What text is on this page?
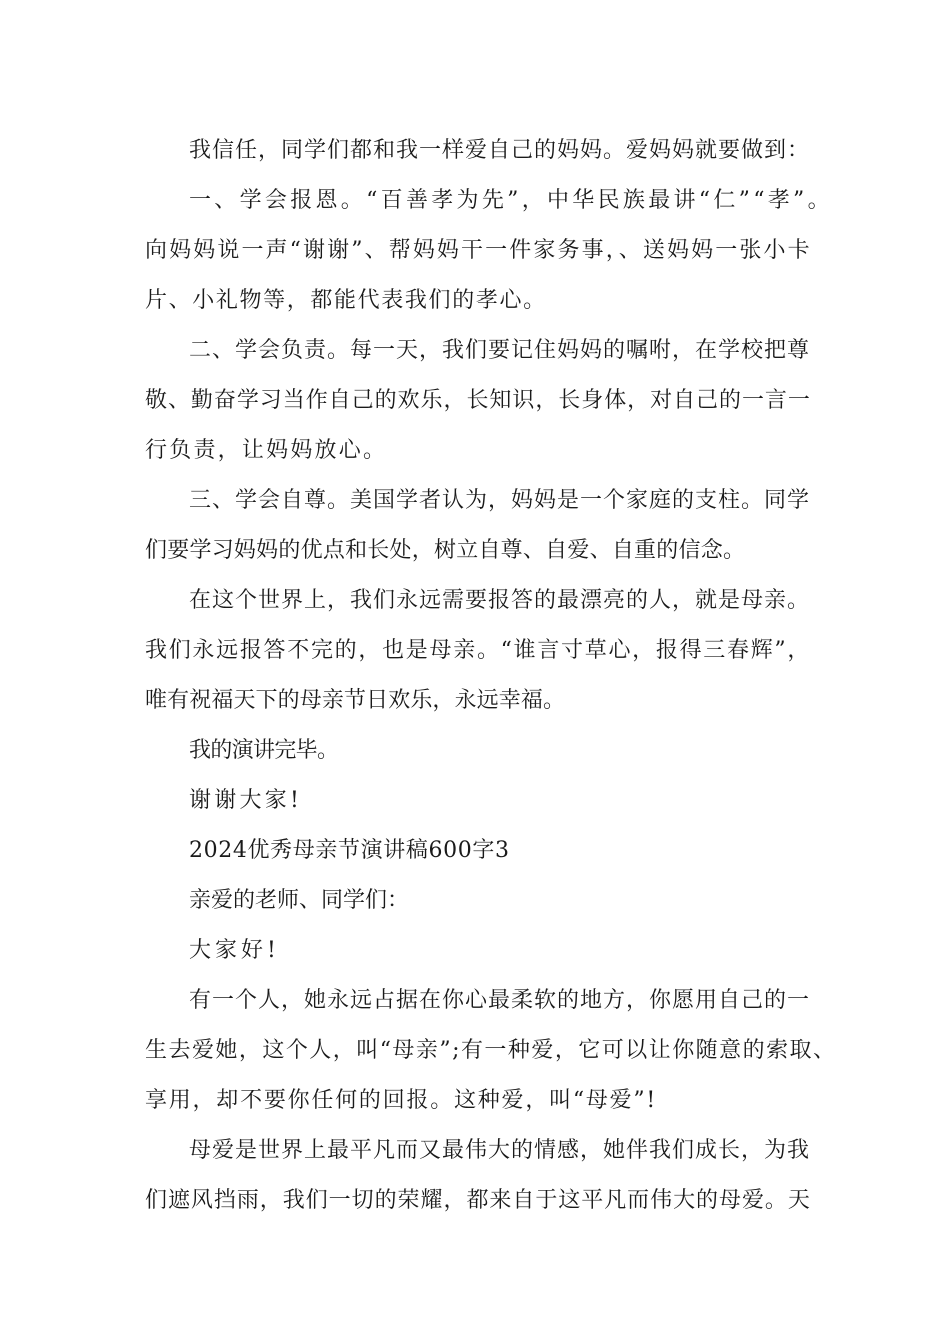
我信任，同学们都和我一样爱自己的妈妈。爱妈妈就要做到：
一、学会报恩。“百善孝为先”，中华民族最讲“仁”“孝”。
向妈妈说一声“谢谢”、帮妈妈干一件家务事，、送妈妈一张小卡
片、小礼物等，都能代表我们的孝心。
二、学会负责。每一天，我们要记住妈妈的嘱咐，在学校把尊
敬、勤奋学习当作自己的欢乐，长知识，长身体，对自己的一言一
行负责，让妈妈放心。
三、学会自尊。美国学者认为，妈妈是一个家庭的支柱。同学
们要学习妈妈的优点和长处，树立自尊、自爱、自重的信念。
在这个世界上，我们永远需要报答的最漂亮的人，就是母亲。
我们永远报答不完的，也是母亲。“谁言寸草心，报得三春辉”，
唯有祝福天下的母亲节日欢乐，永远幸福。
我的演讲完毕。
谢谢大家!
2024优秀母亲节演讲稿600字3
亲爱的老师、同学们：
大家好!
有一个人，她永远占据在你心最柔软的地方，你愿用自己的一
生去爱她，这个人，叫“母亲”;有一种爱，它可以让你随意的索取、
享用，却不要你任何的回报。这种爱，叫“母爱”!
母爱是世界上最平凡而又最伟大的情感，她伴我们成长，为我
们遮风挡雨，我们一切的荣耀，都来自于这平凡而伟大的母爱。天
